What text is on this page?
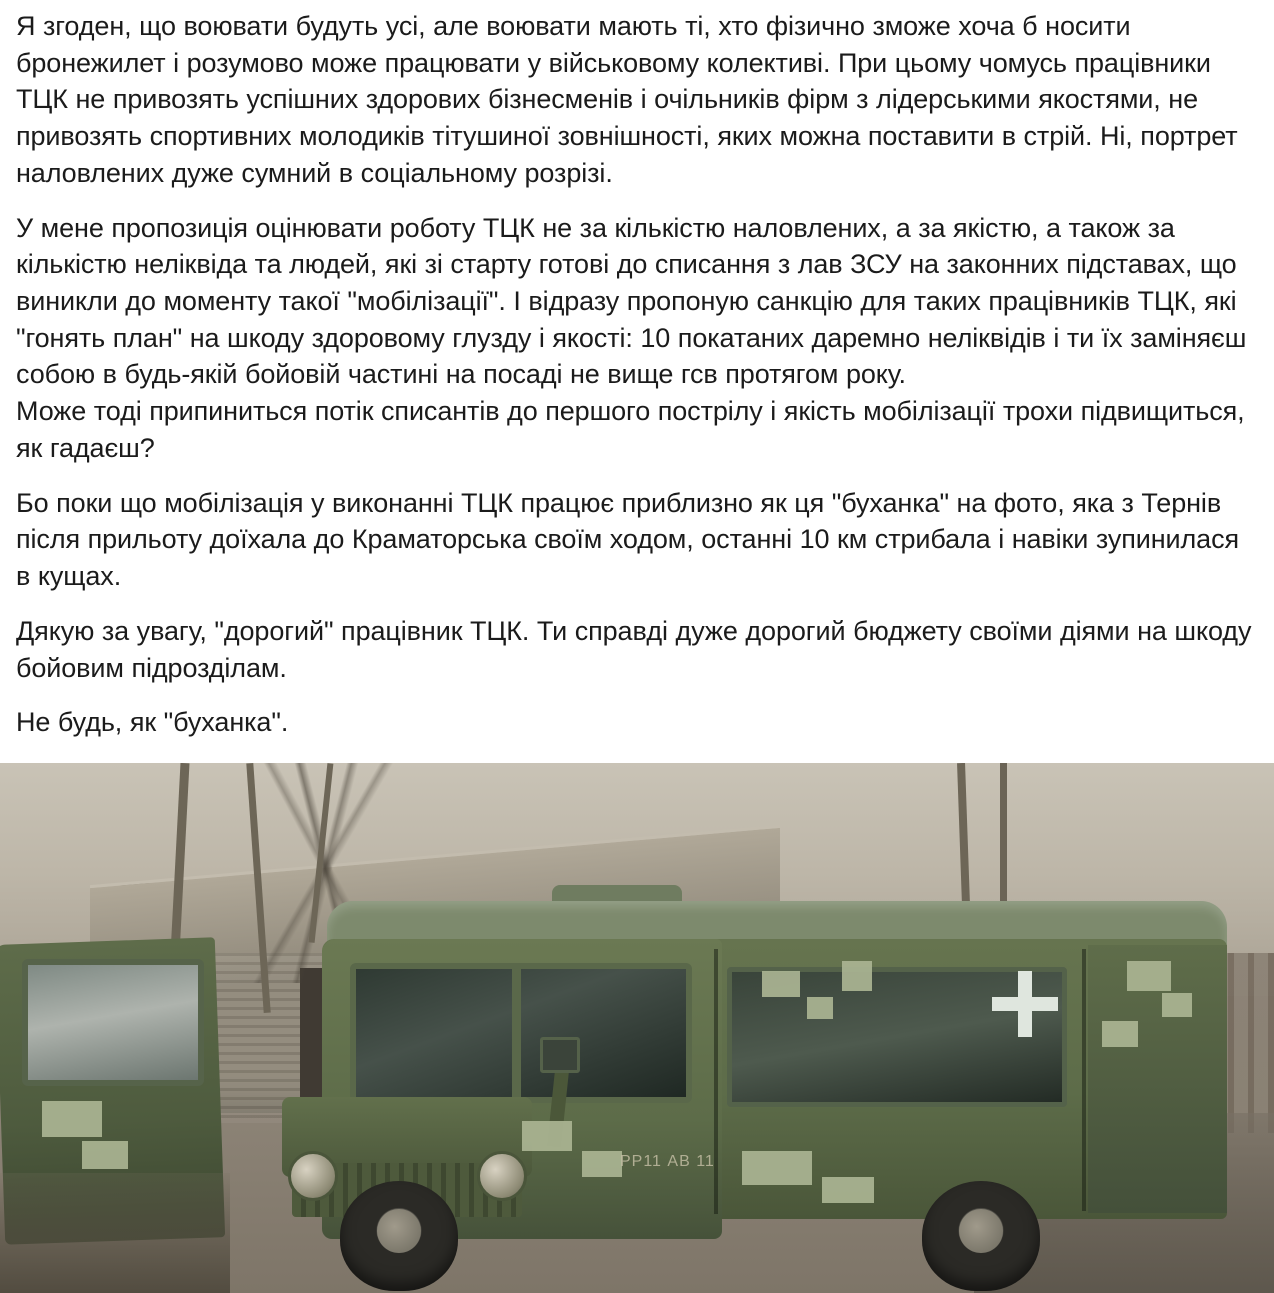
Я згоден, що воювати будуть усі, але воювати мають ті, хто фізично зможе хоча б носити бронежилет і розумово може працювати у військовому колективі. При цьому чомусь працівники ТЦК не привозять успішних здорових бізнесменів і очільників фірм з лідерськими якостями, не привозять спортивних молодиків тітушиної зовнішності, яких можна поставити в стрій. Ні, портрет наловлених дуже сумний в соціальному розрізі.

У мене пропозиція оцінювати роботу ТЦК не за кількістю наловлених, а за якістю, а також за кількістю неліквіда та людей, які зі старту готові до списання з лав ЗСУ на законних підставах, що виникли до моменту такої "мобілізації". І відразу пропоную санкцію для таких працівників ТЦК, які "гонять план" на шкоду здоровому глузду і якості: 10 покатаних даремно неліквідів і ти їх заміняєш собою в будь-якій бойовій частині на посаді не вище гсв протягом року.

Може тоді припиниться потік списантів до першого пострілу і якість мобілізації трохи підвищиться, як гадаєш?

Бо поки що мобілізація у виконанні ТЦК працює приблизно як ця "буханка" на фото, яка з Тернів після прильоту доїхала до Краматорська своїм ходом, останні 10 км стрибала і навіки зупинилася в кущах.

Дякую за увагу, "дорогий" працівник ТЦК. Ти справді дуже дорогий бюджету своїми діями на шкоду бойовим підрозділам.

Не будь, як "буханка".

РР11 АВ 11
